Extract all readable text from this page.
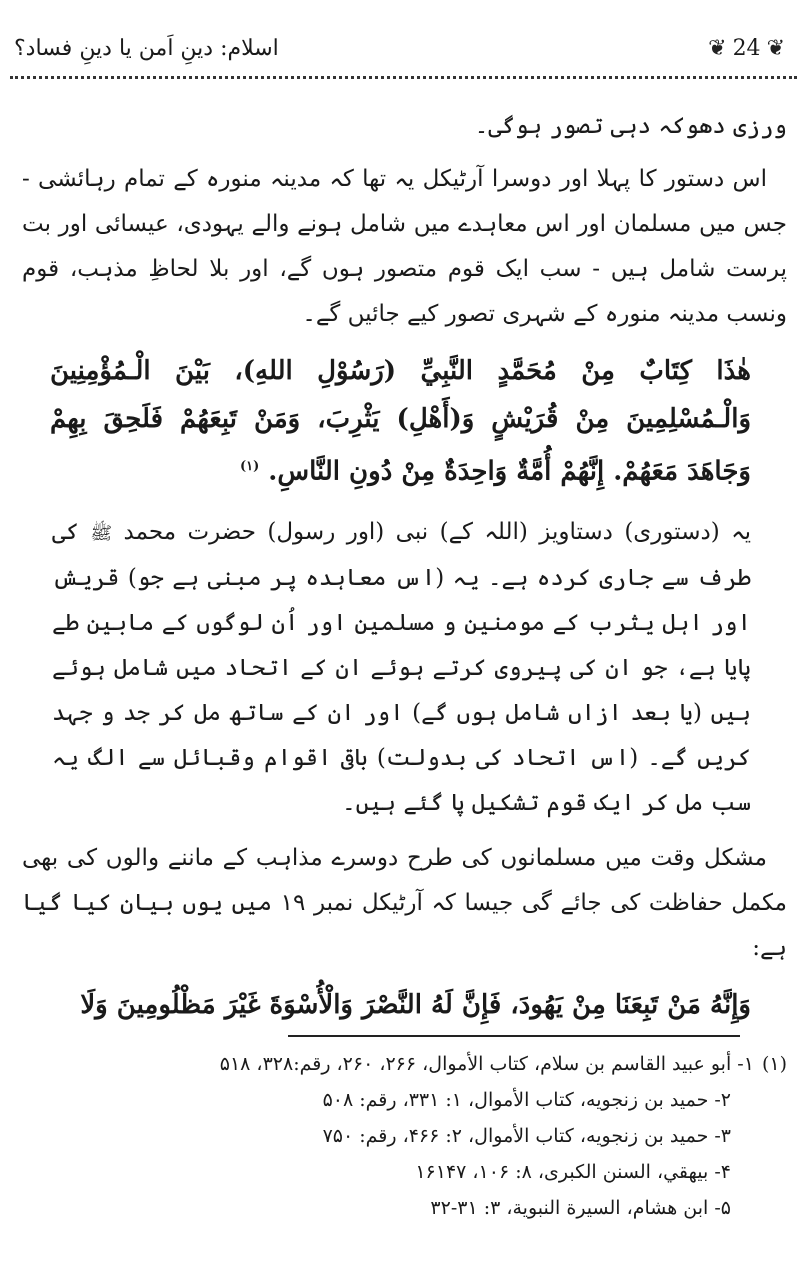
اسلام: دینِ اَمن یا دینِ فساد؟	❦ 24 ❦

ورزی دھوکہ دہی تصور ہوگی۔

اس دستور کا پہلا اور دوسرا آرٹیکل یہ تھا کہ مدینہ منورہ کے تمام رہائشی - جس میں مسلمان اور اس معاہدے میں شامل ہونے والے یہودی، عیسائی اور بت پرست شامل ہیں - سب ایک قوم متصور ہوں گے، اور بلا لحاظِ مذہب، قوم ونسب مدینہ منورہ کے شہری تصور کیے جائیں گے۔

هٰذَا كِتَابٌ مِنْ مُحَمَّدٍ النَّبِيِّ (رَسُوْلِ اللهِ)، بَيْنَ الْـمُؤْمِنِينَ وَالْـمُسْلِمِينَ مِنْ قُرَيْشٍ وَ(أَهْلِ) يَثْرِبَ، وَمَنْ تَبِعَهُمْ فَلَحِقَ بِهِمْ وَجَاهَدَ مَعَهُمْ. إِنَّهُمْ أُمَّةٌ وَاحِدَةٌ مِنْ دُونِ النَّاسِ. $^{(۱)}$

یہ (دستوری) دستاویز (اللہ کے) نبی (اور رسول) حضرت محمد ﷺ کی طرف سے جاری کردہ ہے۔ یہ (اس معاہدہ پر مبنی ہے جو) قریش اور اہل یثرب کے مومنین و مسلمین اور اُن لوگوں کے مابین طے پایا ہے، جو ان کی پیروی کرتے ہوئے ان کے اتحاد میں شامل ہوئے ہیں (یا بعد ازاں شامل ہوں گے) اور ان کے ساتھ مل کر جد و جہد کریں گے۔ (اس اتحاد کی بدولت) باقی اقوام وقبائل سے الگ یہ سب مل کر ایک قوم تشکیل پا گئے ہیں۔

مشکل وقت میں مسلمانوں کی طرح دوسرے مذاہب کے ماننے والوں کی بھی مکمل حفاظت کی جائے گی جیسا کہ آرٹیکل نمبر ۱۹ میں یوں بیان کیا گیا ہے:

وَإِنَّهُ مَنْ تَبِعَنَا مِنْ يَهُودَ، فَإِنَّ لَهُ النَّصْرَ وَالْأُسْوَةَ غَيْرَ مَظْلُومِينَ وَلَا

(۱)۱- أبو عبيد القاسم بن سلام، كتاب الأموال، ۲۶۶، ۲۶۰، رقم:۳۲۸، ۵۱۸
۲- حميد بن زنجويه، كتاب الأموال، ۱: ۳۳۱، رقم: ۵۰۸
۳- حميد بن زنجويه، كتاب الأموال، ۲: ۴۶۶، رقم: ۷۵۰
۴- بيهقي، السنن الكبرى، ۸: ۱۰۶، ۱۶۱۴۷
۵- ابن هشام، السيرة النبوية، ۳: ۳۱-۳۲
